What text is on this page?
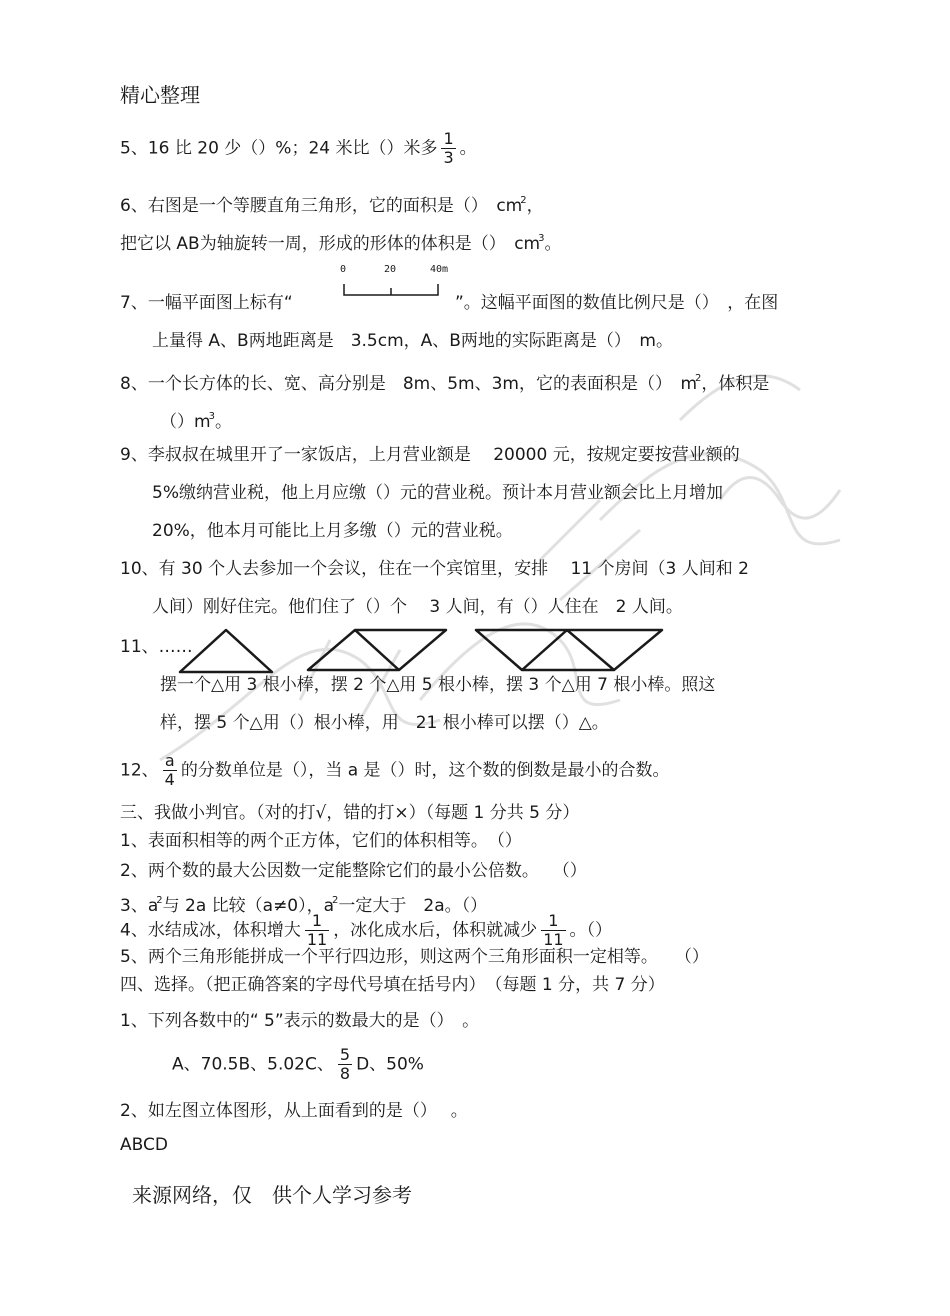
精心整理
5、16 比 20 少（）%；24 米比（）米多 $\frac{1}{3}$ 。
6、右图是一个等腰直角三角形，它的面积是（）　$cm^2$，
把它以 AB为轴旋转一周，形成的形体的体积是（）　$cm^3$。
0	20	40m
7、一幅平面图上标有“	”。这幅平面图的数值比例尺是（）　，在图
上量得 A、B两地距离是　3.5cm，A、B两地的实际距离是（）　m。
8、一个长方体的长、宽、高分别是　8m、5m、3m，它的表面积是（）　$m^2$，体积是
$()m^3$。
9、李叔叔在城里开了一家饭店，上月营业额是　 20000 元，按规定要按营业额的
5%缴纳营业税，他上月应缴（）元的营业税。预计本月营业额会比上月增加
20%，他本月可能比上月多缴（）元的营业税。
10、有 30 个人去参加一个会议，住在一个宾馆里，安排　 11 个房间（3 人间和 2
人间）刚好住完。他们住了（）个　 3 人间，有（）人住在　2 人间。
11、……
摆一个△用 3 根小棒，摆 2 个△用 5 根小棒，摆 3 个△用 7 根小棒。照这
样，摆 5 个△用（）根小棒，用　21 根小棒可以摆（）△。
12、 $\frac{a}{4}$ 的分数单位是（），当 a 是（）时，这个数的倒数是最小的合数。
三、我做小判官。（对的打√，错的打×）（每题 1 分共 5 分）
1、表面积相等的两个正方体，它们的体积相等。　（）
2、两个数的最大公因数一定能整除它们的最小公倍数。　 （）
3、$a^2$与 2a 比较（a≠0），$a^2$一定大于　2a。（）
4、水结成冰，体积增大 $\frac{1}{11}$ ，冰化成水后，体积就减少 $\frac{1}{11}$ 。（）
5、两个三角形能拼成一个平行四边形，则这两个三角形面积一定相等。　　（）
四、选择。（把正确答案的字母代号填在括号内）　（每题 1 分，共 7 分）
1、下列各数中的“ 5”表示的数最大的是（）　。
A、70.5B、5.02C、 $\frac{5}{8}$ D、50%
2、如左图立体图形，从上面看到的是（）　 。
ABCD
来源网络，仅　供个人学习参考
